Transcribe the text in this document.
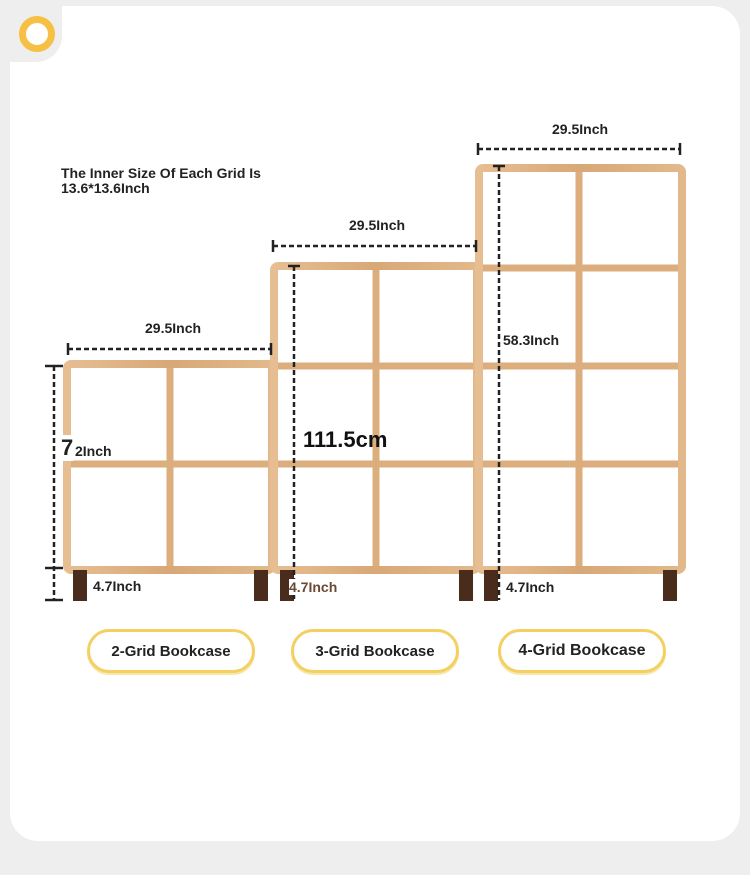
The Inner Size Of Each Grid Is
13.6*13.6Inch
29.5Inch
29.5Inch
29.5Inch
7 2Inch	111.5cm
58.3Inch
4.7Inch	4.7Inch	4.7Inch
2-Grid Bookcase	3-Grid Bookcase	4-Grid Bookcase
